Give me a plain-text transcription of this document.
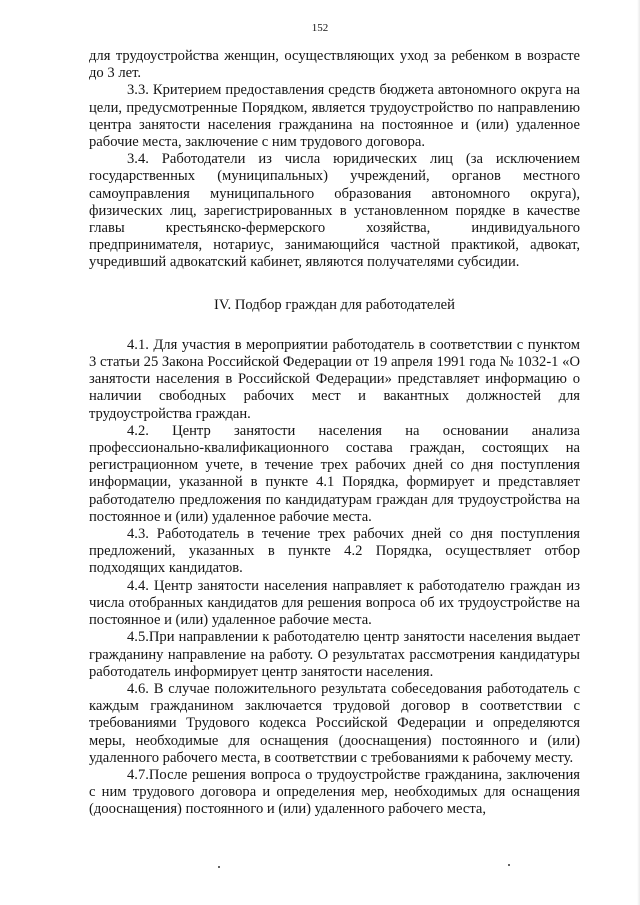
152

для трудоустройства женщин, осуществляющих уход за ребенком в возрасте до 3 лет.

3.3. Критерием предоставления средств бюджета автономного округа на цели, предусмотренные Порядком, является трудоустройство по направлению центра занятости населения гражданина на постоянное и (или) удаленное рабочие места, заключение с ним трудового договора.

3.4. Работодатели из числа юридических лиц (за исключением государственных (муниципальных) учреждений, органов местного самоуправления муниципального образования автономного округа), физических лиц, зарегистрированных в установленном порядке в качестве главы крестьянско-фермерского хозяйства, индивидуального предпринимателя, нотариус, занимающийся частной практикой, адвокат, учредивший адвокатский кабинет, являются получателями субсидии.

IV. Подбор граждан для работодателей

4.1. Для участия в мероприятии работодатель в соответствии с пунктом 3 статьи 25 Закона Российской Федерации от 19 апреля 1991 года № 1032-1 «О занятости населения в Российской Федерации» представляет информацию о наличии свободных рабочих мест и вакантных должностей для трудоустройства граждан.

4.2. Центр занятости населения на основании анализа профессионально-квалификационного состава граждан, состоящих на регистрационном учете, в течение трех рабочих дней со дня поступления информации, указанной в пункте 4.1 Порядка, формирует и представляет работодателю предложения по кандидатурам граждан для трудоустройства на постоянное и (или) удаленное рабочие места.

4.3. Работодатель в течение трех рабочих дней со дня поступления предложений, указанных в пункте 4.2 Порядка, осуществляет отбор подходящих кандидатов.

4.4. Центр занятости населения направляет к работодателю граждан из числа отобранных кандидатов для решения вопроса об их трудоустройстве на постоянное и (или) удаленное рабочие места.

4.5.При направлении к работодателю центр занятости населения выдает гражданину направление на работу. О результатах рассмотрения кандидатуры работодатель информирует центр занятости населения.

4.6. В случае положительного результата собеседования работодатель с каждым гражданином заключается трудовой договор в соответствии с требованиями Трудового кодекса Российской Федерации и определяются меры, необходимые для оснащения (дооснащения) постоянного и (или) удаленного рабочего места, в соответствии с требованиями к рабочему месту.

4.7.После решения вопроса о трудоустройстве гражданина, заключения с ним трудового договора и определения мер, необходимых для оснащения (дооснащения) постоянного и (или) удаленного рабочего места,
